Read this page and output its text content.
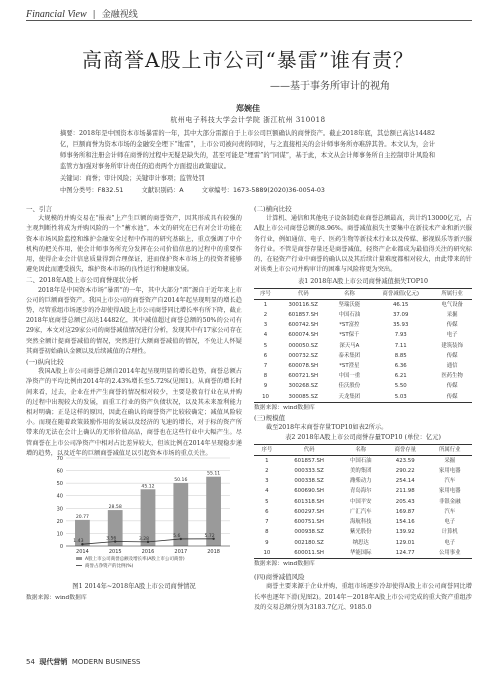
Financial View | 金融视线
高商誉A股上市公司“暴雷”谁有责？
——基于事务所审计的视角
郑婉佳
杭州电子科技大学会计学院 浙江杭州 310018
摘要：2018年是中国资本市场暴雷的一年，其中大部分雷源自于上市公司巨额确认的商誉资产。截止2018年底，其总额已高达14482亿，巨额商誉为资本市场的金融安全埋下“地雷”，上市公司被问责的同时，与之直接相关的会计师事务所亦难辞其咎。本文认为，会计师事务所和注册会计师在商誉的过程中无疑是缺失的，甚至可能是“埋雷”的“同谋”，基于此，本文从会计师事务所自主控制审计风险和监管方加强对事务所审计责任的追责两个方面提出政策建议。
关键词：商誉；审计风险；关键审计事项；监管处罚
中图分类号：F832.51	文献识别码：A	文章编号：1673-5889(2020)36-0054-03
一、引言

大规模的并购交易在“报表”上产生巨额的商誉资产，因其形成具有较强的主观判断性将成为并购风险的一个“蓄水池”，本文的研究在已有对会计功能在资本市场风险监控和维护金融安全过程中作用的研究基础上，重点强调了中介机构的把关作用，使会计师事务所充分发挥在公司价值信息的过程中的重要作用，使得企业会计信息质量得到合理保证，进而保护资本市场上的投资者能够避免因此而遭受损失，维护资本市场的良性运行和健康发展。

二、2018年A股上市公司商誉现状分析

2018年是中国资本市场“暴雷”的一年，其中大部分“雷”源自于近年来上市公司的巨额商誉资产。我国上市公司的商誉资产自2014年起呈现明显的增长趋势，尽管重组市场逐步的冷却使得A股上市公司商誉同比增长率有所下降，截止2018年底商誉总额已高达14482亿，其中减值超过商誉总额的50%的公司有29家，本文对这29家公司的商誉减值情况进行分析，发现其中有17家公司存在突然全额计提商誉减值的情况，突然进行大额商誉减值的情况，不免让人怀疑其商誉初始确认金额以及后续减值的合理性。

(一)纵向比较

我国A股上市公司商誉总额自2014年起呈现明显的增长趋势，商誉总额占净资产的平均比例由2014年的2.43%增长至5.72%(见图1)。从商誉的增长时间来看，过去，企业在并产生商誉的情况相对较少，主要是教育行业在从并购的过程中出现较大的发展，而重工行业的资产负债状况，以及其未来盈利能力相对明确；正是这样的原因，因此在确认的商誉资产比较较确定；减值风险较小。而现在随着政策鼓励作用的发展以及经济的飞速的增长，对于标的资产所带来的无法在会计上确认的无形价值高品，商誉也在这些行业中大幅产生。尽管商誉在上市公司净资产中相对占比差异较大，但该比例在2014年呈现稳步递增的趋势，以及近年的巨额商誉减值足以引起资本市场的重点关注。

0
10
20
30
40
50
60
70
20.77
28.58
45.12
50.16
55.11
1.43
3.56	3.28
5.6	5.72
2014	2015	2016	2017	2018
A股上市公司商誉总额及增长率(A股上市公司商誉)
商誉占净资产的比例(%)
图1 2014年~2018年A股上市公司商誉情况
数据来源：wind数据库
(二)横向比较

计算机、通信和其他电子设备制造业商誉总额最高，共计约13000亿元，占A股上市公司商誉总额的8.96%。商誉减值损失主要集中在新技术产业和新兴服务行业，例如通信、电子、医药生物等新技术行业以及传媒、影视娱乐等新兴服务行业。不管是商誉存量还是商誉减值，轻资产企业都成为最值得关注的研究标的，在轻资产行业中商誉的确认以及其后续计量难度都相对较大，由此带来的针对该类上市公司并购审计的困难与风险将更为突出。

表1 2018年A股上市公司商誉减值损失TOP10
序号	代码	名称	商誉减值(亿元)	所属行业
1	300116.SZ	坚瑞沃能	46.15	电气设备
2	601857.SH	中国石油	37.09	采掘
3	600742.SH	*ST富控	35.93	传媒
4	600074.SH	*ST保千	7.93	电子
5	000050.SZ	深天马A	7.11	建筑装饰
6	000732.SZ	泰禾集团	8.85	传媒
7	600078.SH	*ST澄星	6.36	通信
8	600721.SH	中国一重	6.21	医药生物
9	300268.SZ	佳沃股份	5.50	传媒
10	300085.SZ	天龙集团	5.03	传媒
数据来源：wind数据库
(三)规模值

截至2018年末商誉存量TOP10如表2所示。

表2 2018年A股上市公司商誉存量TOP10 (单位：亿元)
序号	代码	名称	商誉存量	所属行业
1	601857.SH	中国石油	423.59	采掘
2	000333.SZ	美的集团	290.22	家用电器
3	000338.SZ	潍柴动力	254.14	汽车
4	600690.SH	青岛海尔	211.98	家用电器
5	601318.SH	中国平安	205.43	非银金融
6	600297.SH	广汇汽车	169.87	汽车
7	600751.SH	海航科技	154.16	电子
8	000938.SZ	紫光股份	139.92	计算机
9	002180.SZ	纳思达	129.01	电子
10	600011.SH	华能国际	124.77	公用事业
数据来源：wind数据库
(四)商誉减值风险

商誉主要来源于企业并购，重组市场逐步冷却使得A股上市公司商誉同比增长率也逐年下滑(见图2)。2014年～2018年A股上市公司完成的重大资产重组涉及的交易总额分别为3183.7亿元、9185.0

54 现代营销 MODERN BUSINESS
